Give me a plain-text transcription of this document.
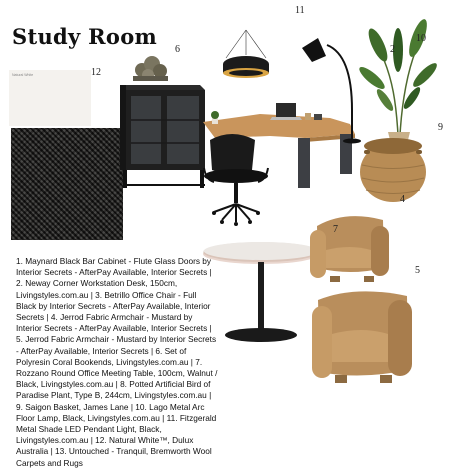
Study Room
Natural White
11
6
12
2
10
9
4
7
5
1. Maynard Black Bar Cabinet - Flute Glass Doors by Interior Secrets - AfterPay Available, Interior Secrets | 2. Neway Corner Workstation Desk, 150cm, Livingstyles.com.au | 3. Betrillo Office Chair - Full Black by Interior Secrets - AfterPay Available, Interior Secrets | 4. Jerrod Fabric Armchair - Mustard by Interior Secrets - AfterPay Available, Interior Secrets | 5. Jerrod Fabric Armchair - Mustard by Interior Secrets - AfterPay Available, Interior Secrets | 6. Set of Polyresin Coral Bookends, Livingstyles.com.au | 7. Rozzano Round Office Meeting Table, 100cm, Walnut / Black, Livingstyles.com.au | 8. Potted Artificial Bird of Paradise Plant, Type B, 244cm, Livingstyles.com.au | 9. Saigon Basket, James Lane | 10. Lago Metal Arc Floor Lamp, Black, Livingstyles.com.au | 11. Fitzgerald Metal Shade LED Pendant Light, Black, Livingstyles.com.au | 12. Natural White™, Dulux Australia | 13. Untouched - Tranquil, Bremworth Wool Carpets and Rugs
